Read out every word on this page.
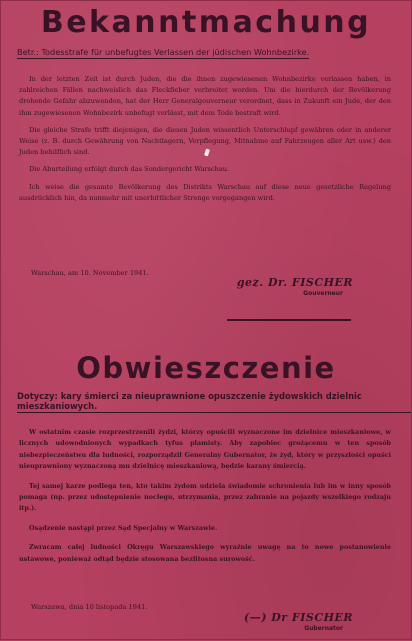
Bekanntmachung
Betr.: Todesstrafe für unbefugtes Verlassen der jüdischen Wohnbezirke.

In der letzten Zeit ist durch Juden, die die ihnen zugewiesenen Wohnbezirke verlassen haben, in zahlreichen Fällen nachweislich das Fleckfieber verbreitet worden. Um die hierdurch der Bevölkerung drohende Gefahr abzuwenden, hat der Herr Generalgouverneur verordnet, dass in Zukunft ein Jude, der den ihm zugewiesenen Wohnbezirk unbefugt verlässt, mit dem Tode bestraft wird.

Die gleiche Strafe trifft diejenigen, die diesen Juden wissentlich Unterschlupf gewähren oder in anderer Weise (z. B. durch Gewährung von Nachtlagern, Verpflegung, Mitnahme auf Fahrzeugen aller Art usw.) den Juden behilflich sind.

Die Aburteilung erfolgt durch das Sondergericht Warschau.

Ich weise die gesamte Bevölkerung des Distrikts Warschau auf diese neue gesetzliche Regelung ausdrücklich hin, da nunmehr mit unerbittlicher Strenge vorgegangen wird.

Warschau, am 10. November 1941.

gez. Dr. FISCHER
Gouverneur
Obwieszczenie
Dotyczy: kary śmierci za nieuprawnione opuszczenie żydowskich dzielnic mieszkaniowych.

W ostatnim czasie rozprzestrzenili żydzi, którzy opuścili wyznaczone im dzielnice mieszkaniowe, w licznych udowodnionych wypadkach tyfus plamisty. Aby zapobiec grożącemu w ten sposób niebezpieczeństwu dla ludności, rozporządził Generalny Gubernator, że żyd, który w przyszłości opuści nieuprawniony wyznaczoną mu dzielnicę mieszkaniową, będzie karany śmiercią.

Tej samej karze podlega ten, kto takim żydom udziela świadomie schronienia lub im w inny sposób pomaga (np. przez udostępnienie noclegu, utrzymania, przez zabranie na pojazdy wszelkiego rodzaju itp.).

Osądzenie nastąpi przez Sąd Specjalny w Warszawie.

Zwracam całej ludności Okręgu Warszawskiego wyraźnie uwagę na to nowe postanowienie ustawowe, ponieważ odtąd będzie stosowana bezlitosna surowość.

Warszawa, dnia 10 listopada 1941.

(—) Dr FISCHER
Gubernator
